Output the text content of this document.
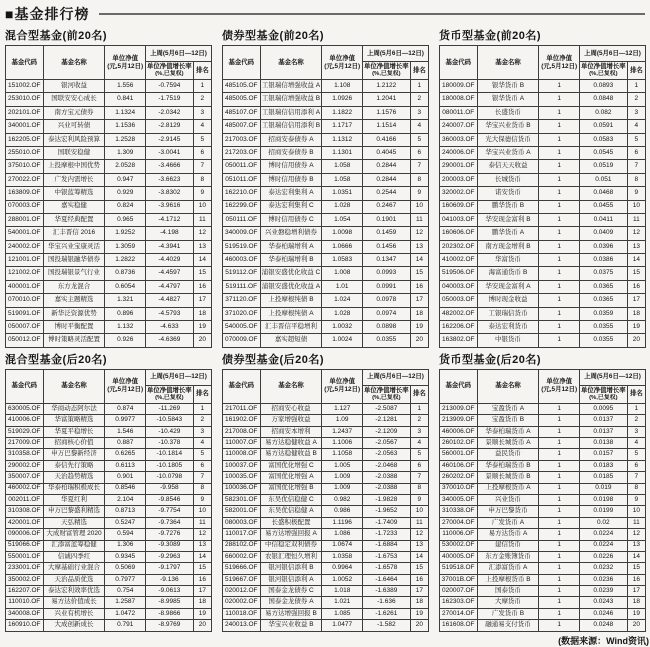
■基金排行榜
混合型基金(前20名)
基金代码	基金名称	单位净值
(元,5月12日)	上周(5月6日—12日)	

			单位净值增长率
(%,已复权)	排名
151002.OF	银河收益	1.556	-0.7594	1
253010.OF	国联安安心成长	0.841	-1.7519	2
202101.OF	南方宝元债券	1.1324	-2.0342	3
340001.OF	兴业可转债	1.1536	-2.8129	4
162205.OF	泰达宏利风险预算	1.2528	-2.9145	5
255010.OF	国联安稳健	1.309	-3.0041	6
375010.OF	上投摩根中国优势	2.0528	-3.4666	7
270022.OF	广发内需增长	0.947	-3.6623	8
163809.OF	中银蓝筹精选	0.929	-3.8302	9
070003.OF	嘉实稳健	0.824	-3.9616	10
288001.OF	华夏经典配置	0.965	-4.1712	11
540001.OF	汇丰晋信 2016	1.9252	-4.198	12
240002.OF	华宝兴业宝康灵活	1.3059	-4.3941	13
121001.OF	国投瑞银融华债券	1.2822	-4.4029	14
121002.OF	国投瑞银景气行业	0.8736	-4.4597	15
400001.OF	东方龙混合	0.6054	-4.4797	16
070010.OF	嘉实主题精选	1.321	-4.4827	17
519091.OF	新华泛资源优势	0.896	-4.5793	18
050007.OF	博时平衡配置	1.132	-4.633	19
050012.OF	博时策略灵活配置	0.926	-4.6369	20
混合型基金(后20名)
基金代码	基金名称	单位净值
(元,5月12日)	上周(5月6日—12日)	

			单位净值增长率
(%,已复权)	排名
630005.OF	华商动态阿尔法	0.874	-11.269	1
410006.OF	华富策略精选	0.9977	-10.5843	2
519029.OF	华夏平稳增长	1.546	-10.429	3
217009.OF	招商核心价值	0.887	-10.378	4
310358.OF	申万巴黎新经济	0.6265	-10.1814	5
290002.OF	泰信先行策略	0.6113	-10.1805	6
350007.OF	天治趋势精选	0.901	-10.0798	7
460002.OF	华泰柏瑞积极成长	0.8546	-9.958	8
002011.OF	华夏红利	2.104	-9.8546	9
310308.OF	申万巴黎盛利精选	0.8713	-9.7754	10
420001.OF	天弘精选	0.5247	-9.7364	11
090006.OF	大成财富管理 2020	0.594	-9.7276	12
519066.OF	汇添富蓝筹稳健	1.306	-9.3089	13
550001.OF	信诚四季红	0.9345	-9.2963	14
233001.OF	大摩基础行业混合	0.5069	-9.1797	15
350002.OF	天治品质优选	0.7977	-9.136	16
162207.OF	泰达宏利效率优选	0.754	-9.0613	17
110010.OF	易方达价值成长	1.2587	-8.9985	18
340008.OF	兴业有机增长	1.0472	-8.9866	19
160910.OF	大成创新成长	0.791	-8.9769	20
债券型基金(前20名)
基金代码	基金名称	单位净值
(元,5月12日)	上周(5月6日—12日)	

			单位净值增长率
(%,已复权)	排名
485105.OF	工银瑞信增强收益 A	1.108	1.2122	1
485005.OF	工银瑞信增强收益 B	1.0926	1.2041	2
485107.OF	工银瑞信信用添利 A	1.1822	1.1576	3
485007.OF	工银瑞信信用添利 B	1.1717	1.1514	4
217003.OF	招商安泰债券 A	1.1312	0.4166	5
217203.OF	招商安泰债券 B	1.1301	0.4045	6
050011.OF	博时信用债券 A	1.058	0.2844	7
051011.OF	博时信用债券 B	1.058	0.2844	8
162210.OF	泰达宏利集利 A	1.0351	0.2544	9
162299.OF	泰达宏利集利 C	1.028	0.2467	10
050111.OF	博时信用债券 C	1.054	0.1901	11
340009.OF	兴业磐稳增利债券	1.0098	0.1459	12
519519.OF	华泰柏瑞增利 A	1.0666	0.1456	13
460003.OF	华泰柏瑞增利 B	1.0583	0.1347	14
519112.OF	浦银安盛优化收益 C	1.008	0.0993	15
519111.OF	浦银安盛优化收益 A	1.01	0.0991	16
371120.OF	上投摩根纯债 B	1.024	0.0978	17
371020.OF	上投摩根纯债 A	1.028	0.0974	18
540005.OF	汇丰晋信平稳增利	1.0032	0.0898	19
070009.OF	嘉实超短债	1.0024	0.0355	20
债券型基金(后20名)
基金代码	基金名称	单位净值
(元,5月12日)	上周(5月6日—12日)	

			单位净值增长率
(%,已复权)	排名
217011.OF	招商安心收益	1.127	-2.5087	1
161902.OF	万家增强收益	1.09	-2.1281	2
217008.OF	招商安本增利	1.2437	-2.1209	3
110007.OF	易方达稳健收益 A	1.1006	-2.0567	4
110008.OF	易方达稳健收益 B	1.1058	-2.0563	5
100037.OF	富国优化增强 C	1.005	-2.0468	6
100035.OF	富国优化增强 A	1.009	-2.0388	7
100036.OF	富国优化增强 B	1.009	-2.0388	8
582301.OF	东吴优信稳健 C	0.982	-1.9828	9
582001.OF	东吴优信稳健 A	0.986	-1.9652	10
080003.OF	长盛积极配置	1.1196	-1.7409	11
110017.OF	易方达增强回报 A	1.086	-1.7233	12
288102.OF	中信稳定双利债券	1.0674	-1.6884	13
660002.OF	农银汇理恒久增利	1.0358	-1.6753	14
519666.OF	银河银信添利 B	0.9964	-1.6578	15
519667.OF	银河银信添利 A	1.0052	-1.6464	16
020012.OF	国泰金龙债券 C	1.018	-1.6389	17
020002.OF	国泰金龙债券 A	1.021	-1.636	18
110018.OF	易方达增强回报 B	1.085	-1.6261	19
240013.OF	华宝兴业收益 B	1.0477	-1.582	20
货币型基金(前20名)
基金代码	基金名称	单位净值
(元,5月12日)	上周(5月6日—12日)	

			单位净值增长率
(%,已复权)	排名
180009.OF	银华货币 B	1	0.0893	1
180008.OF	银华货币 A	1	0.0848	2
080011.OF	长盛货币	1	0.082	3
240007.OF	华宝兴业货币 B	1	0.0591	4
360003.OF	光大保德信货币	1	0.0583	5
240006.OF	华宝兴业货币 A	1	0.0545	6
290001.OF	泰信天天收益	1	0.0519	7
200003.OF	长城货币	1	0.051	8
320002.OF	诺安货币	1	0.0468	9
160609.OF	鹏华货币 B	1	0.0455	10
041003.OF	华安现金富利 B	1	0.0411	11
160606.OF	鹏华货币 A	1	0.0409	12
202302.OF	南方现金增利 B	1	0.0396	13
410002.OF	华富货币	1	0.0386	14
519506.OF	海富通货币 B	1	0.0375	15
040003.OF	华安现金富利 A	1	0.0365	16
050003.OF	博时现金收益	1	0.0365	17
482002.OF	工银瑞信货币	1	0.0359	18
162206.OF	泰达宏利货币	1	0.0355	19
163802.OF	中银货币	1	0.0355	20
货币型基金(后20名)
基金代码	基金名称	单位净值
(元,5月12日)	上周(5月6日—12日)	

			单位净值增长率
(%,已复权)	排名
213009.OF	宝盈货币 A	1	0.0095	1
213909.OF	宝盈货币 B	1	0.0137	2
460006.OF	华泰柏瑞货币 A	1	0.0137	3
260102.OF	景顺长城货币 A	1	0.0138	4
560001.OF	益民货币	1	0.0157	5
460106.OF	华泰柏瑞货币 B	1	0.0183	6
260202.OF	景顺长城货币 B	1	0.0185	7
370010.OF	上投摩根货币 A	1	0.019	8
340005.OF	兴业货币	1	0.0198	9
310338.OF	申万巴黎货币	1	0.0199	10
270004.OF	广发货币 A	1	0.02	11
110006.OF	易方达货币 A	1	0.0224	12
530002.OF	建信货币	1	0.0224	13
400005.OF	东方金账簿货币	1	0.0226	14
519518.OF	汇添富货币 A	1	0.0232	15
37001B.OF	上投摩根货币 B	1	0.0236	16
020007.OF	国泰货币	1	0.0239	17
162303.OF	大摩货币	1	0.0243	18
270014.OF	广发货币 B	1	0.0246	19
161608.OF	融通易支付货币	1	0.0248	20
(数据来源：Wind资讯)
